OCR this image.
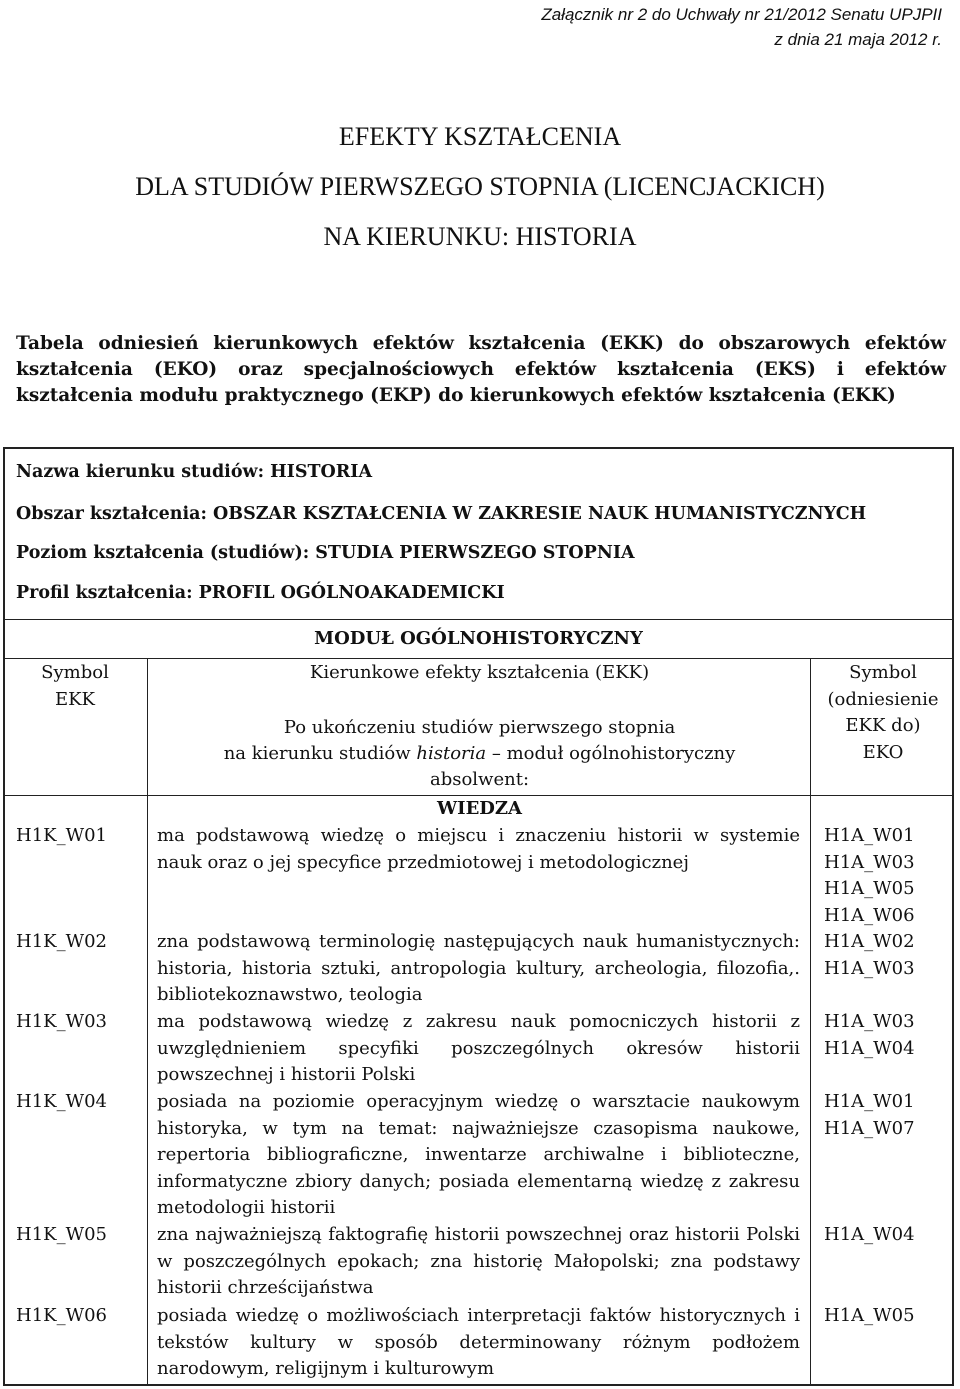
Załącznik nr 2 do Uchwały nr 21/2012 Senatu UPJPII
z dnia 21 maja 2012 r.
EFEKTY KSZTAŁCENIA
DLA STUDIÓW PIERWSZEGO STOPNIA (LICENCJACKICH)
NA KIERUNKU: HISTORIA
Tabela odniesień kierunkowych efektów kształcenia (EKK) do obszarowych efektów kształcenia (EKO) oraz specjalnościowych efektów kształcenia (EKS) i efektów kształcenia modułu praktycznego (EKP) do kierunkowych efektów kształcenia (EKK)
Nazwa kierunku studiów: HISTORIA
Obszar kształcenia: OBSZAR KSZTAŁCENIA W ZAKRESIE NAUK HUMANISTYCZNYCH
Poziom kształcenia (studiów): STUDIA PIERWSZEGO STOPNIA
Profil kształcenia: PROFIL OGÓLNOAKADEMICKI
MODUŁ OGÓLNOHISTORYCZNY
Symbol
EKK
Kierunkowe efekty kształcenia (EKK)
Po ukończeniu studiów pierwszego stopnia
na kierunku studiów historia – moduł ogólnohistoryczny
absolwent:
Symbol
(odniesienie
EKK do)
EKO
WIEDZA
H1K_W01	ma podstawową wiedzę o miejscu i znaczeniu historii w systemie nauk oraz o jej specyfice przedmiotowej i metodologicznej
H1A_W01
H1A_W03
H1A_W05
H1A_W06
H1K_W02	zna podstawową terminologię następujących nauk humanistycznych: historia, historia sztuki, antropologia kultury, archeologia, filozofia,. bibliotekoznawstwo, teologia
H1A_W02
H1A_W03
H1K_W03	ma podstawową wiedzę z zakresu nauk pomocniczych historii z uwzględnieniem specyfiki poszczególnych okresów historii powszechnej i historii Polski
H1A_W03
H1A_W04
H1K_W04	posiada na poziomie operacyjnym wiedzę o warsztacie naukowym historyka, w tym na temat: najważniejsze czasopisma naukowe, repertoria bibliograficzne, inwentarze archiwalne i biblioteczne, informatyczne zbiory danych; posiada elementarną wiedzę z zakresu metodologii historii
H1A_W01
H1A_W07
H1K_W05	zna najważniejszą faktografię historii powszechnej oraz historii Polski w poszczególnych epokach; zna historię Małopolski; zna podstawy historii chrześcijaństwa
H1A_W04
H1K_W06	posiada wiedzę o możliwościach interpretacji faktów historycznych i tekstów kultury w sposób determinowany różnym podłożem narodowym, religijnym i kulturowym
H1A_W05
